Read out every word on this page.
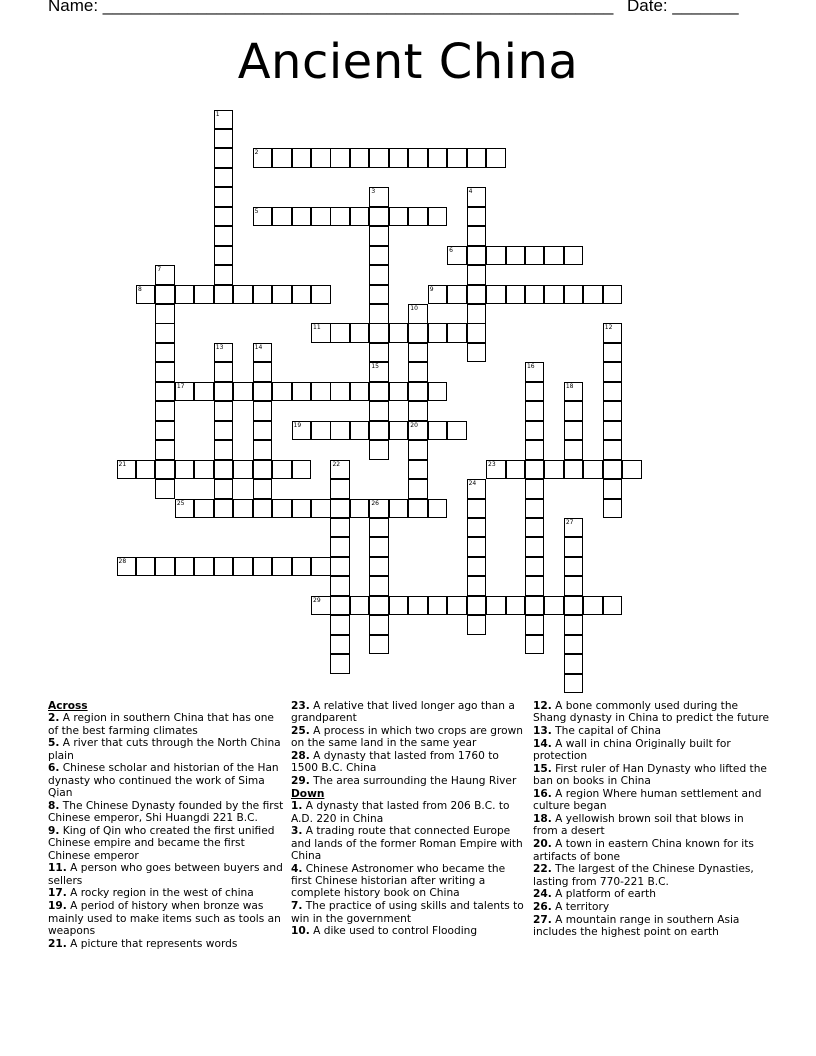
Name: ______________________________________________________ Date: _______
Ancient China
1
2
3
15
4
5
6
7
8	9
10
20
11	12
13	14
16
17	18
19
21	22	23
24
25	26
27
28
29
Across
2. A region in southern China that has one of the best farming climates
5. A river that cuts through the North China plain
6. Chinese scholar and historian of the Han dynasty who continued the work of Sima Qian
8. The Chinese Dynasty founded by the first Chinese emperor, Shi Huangdi 221 B.C.
9. King of Qin who created the first unified Chinese empire and became the first Chinese emperor
11. A person who goes between buyers and sellers
17. A rocky region in the west of china
19. A period of history when bronze was mainly used to make items such as tools an weapons
21. A picture that represents words
23. A relative that lived longer ago than a grandparent
25. A process in which two crops are grown on the same land in the same year
28. A dynasty that lasted from 1760 to 1500 B.C. China
29. The area surrounding the Haung River
Down
1. A dynasty that lasted from 206 B.C. to A.D. 220 in China
3. A trading route that connected Europe and lands of the former Roman Empire with China
4. Chinese Astronomer who became the first Chinese historian after writing a complete history book on China
7. The practice of using skills and talents to win in the government
10. A dike used to control Flooding
12. A bone commonly used during the Shang dynasty in China to predict the future
13. The capital of China
14. A wall in china Originally built for protection
15. First ruler of Han Dynasty who lifted the ban on books in China
16. A region Where human settlement and culture began
18. A yellowish brown soil that blows in from a desert
20. A town in eastern China known for its artifacts of bone
22. The largest of the Chinese Dynasties, lasting from 770-221 B.C.
24. A platform of earth
26. A territory
27. A mountain range in southern Asia includes the highest point on earth
